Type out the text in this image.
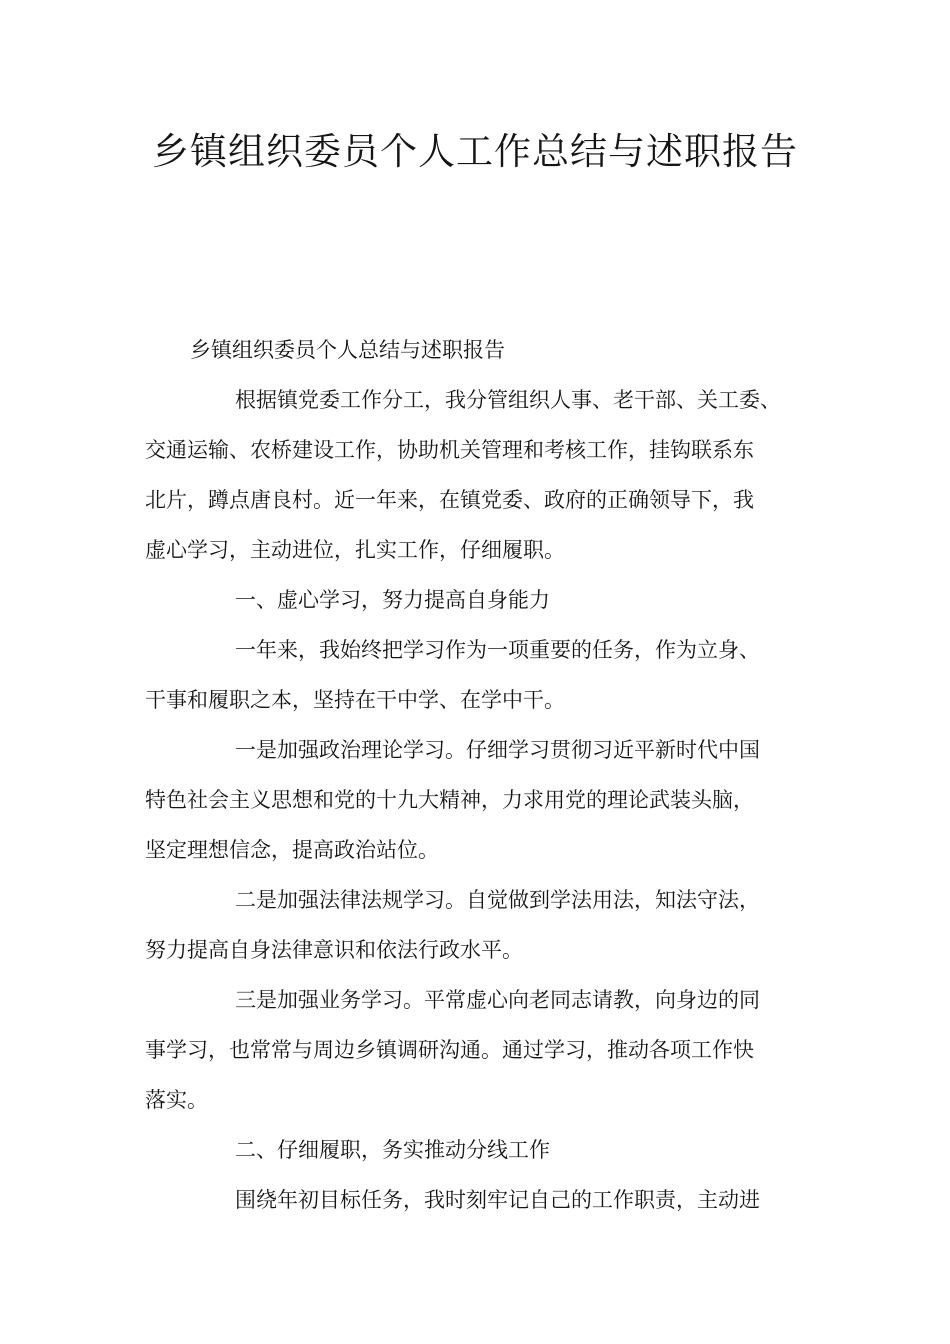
乡镇组织委员个人工作总结与述职报告
乡镇组织委员个人总结与述职报告
根据镇党委工作分工，我分管组织人事、老干部、关工委、
交通运输、农桥建设工作，协助机关管理和考核工作，挂钩联系东
北片，蹲点唐良村。近一年来，在镇党委、政府的正确领导下，我
虚心学习，主动进位，扎实工作，仔细履职。
一、虚心学习，努力提高自身能力
一年来，我始终把学习作为一项重要的任务，作为立身、
干事和履职之本，坚持在干中学、在学中干。
一是加强政治理论学习。仔细学习贯彻习近平新时代中国
特色社会主义思想和党的十九大精神，力求用党的理论武装头脑，
坚定理想信念，提高政治站位。
二是加强法律法规学习。自觉做到学法用法，知法守法，
努力提高自身法律意识和依法行政水平。
三是加强业务学习。平常虚心向老同志请教，向身边的同
事学习，也常常与周边乡镇调研沟通。通过学习，推动各项工作快
落实。
二、仔细履职，务实推动分线工作
围绕年初目标任务，我时刻牢记自己的工作职责，主动进
